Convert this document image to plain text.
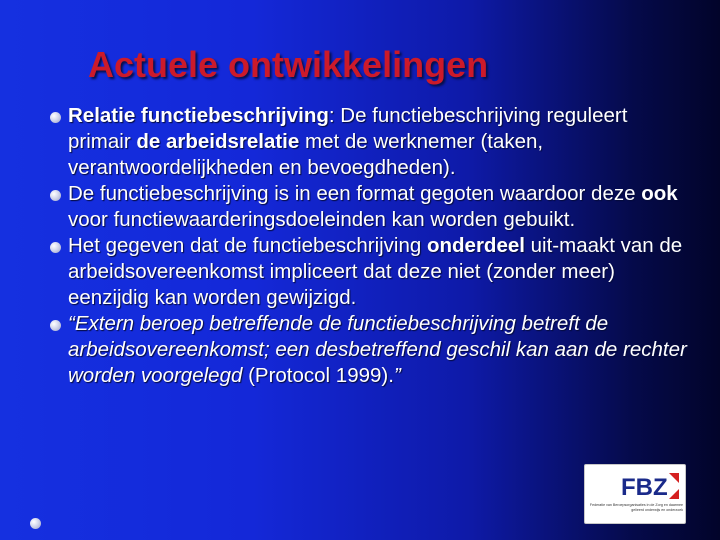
Actuele ontwikkelingen
Relatie functiebeschrijving: De functiebeschrijving reguleert primair de arbeidsrelatie met de werknemer (taken, verantwoordelijkheden en bevoegdheden).
De functiebeschrijving is in een format gegoten waardoor deze ook voor functiewaarderingsdoeleinden kan worden gebuikt.
Het gegeven dat de functiebeschrijving onderdeel uit-maakt van de arbeidsovereenkomst impliceert dat deze niet (zonder meer) eenzijdig kan worden gewijzigd.
“Extern beroep betreffende de functiebeschrijving betreft de arbeidsovereenkomst; een desbetreffend geschil kan aan de rechter worden voorgelegd (Protocol 1999).”
FBZ
Federatie van Beroepsorganisaties in de Zorg en daarmee gelieerd onderwijs en onderzoek
